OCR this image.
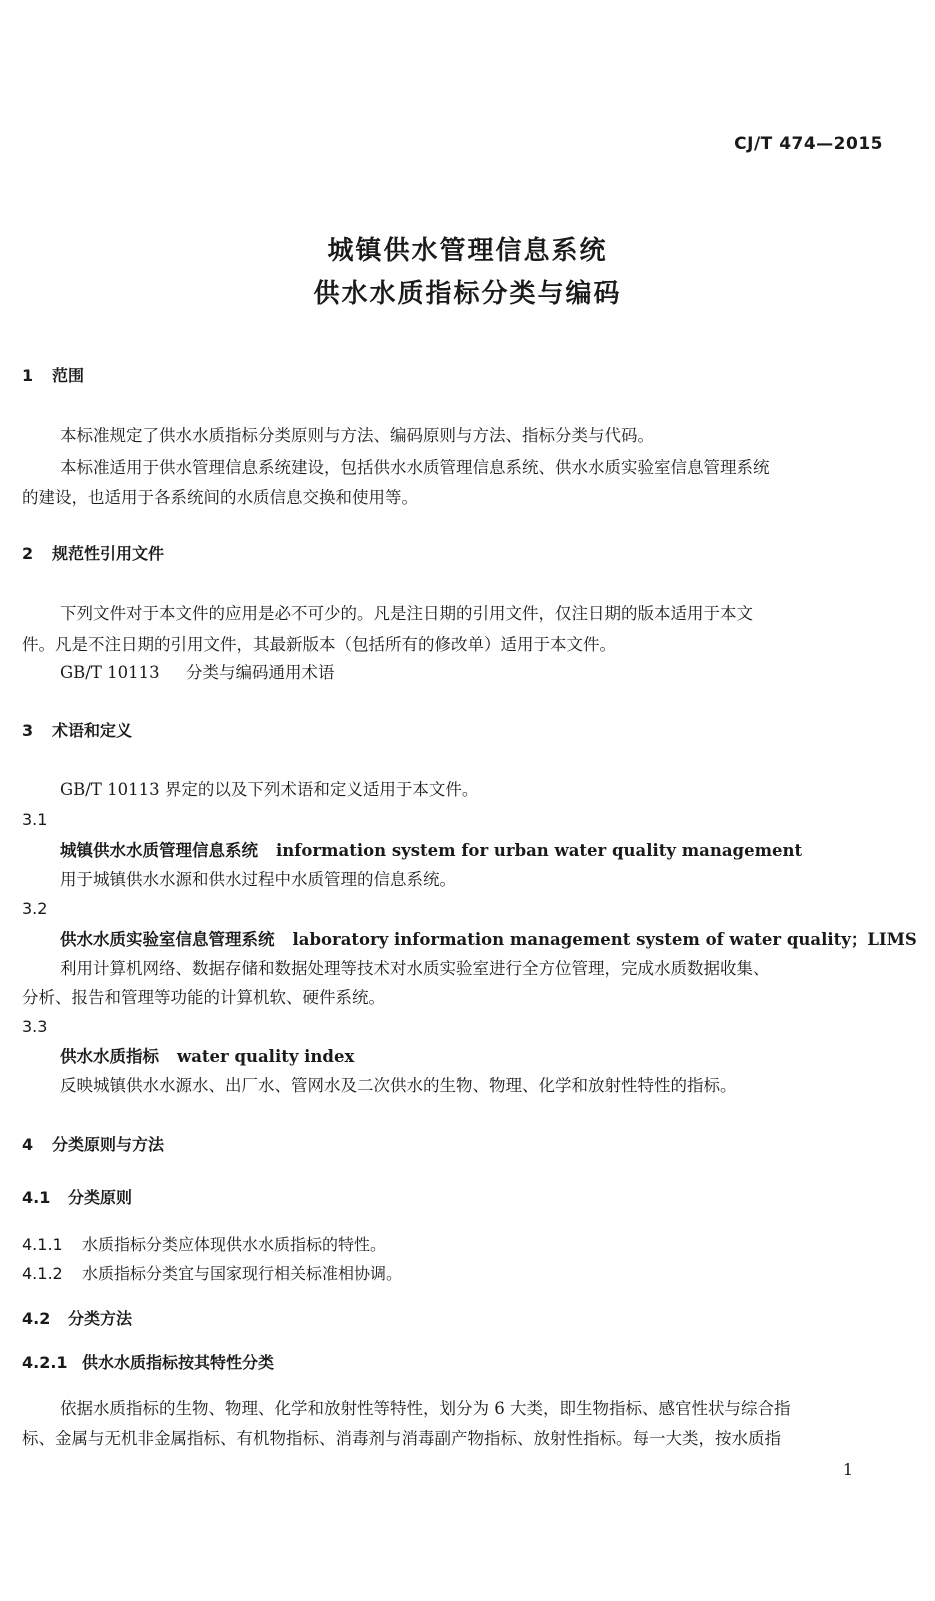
CJ/T 474—2015
城镇供水管理信息系统
供水水质指标分类与编码
1 范围
本标准规定了供水水质指标分类原则与方法、编码原则与方法、指标分类与代码。
本标准适用于供水管理信息系统建设，包括供水水质管理信息系统、供水水质实验室信息管理系统
的建设，也适用于各系统间的水质信息交换和使用等。
2 规范性引用文件
下列文件对于本文件的应用是必不可少的。凡是注日期的引用文件，仅注日期的版本适用于本文
件。凡是不注日期的引用文件，其最新版本（包括所有的修改单）适用于本文件。
GB/T 10113 分类与编码通用术语
3 术语和定义
GB/T 10113 界定的以及下列术语和定义适用于本文件。
3.1
城镇供水水质管理信息系统 information system for urban water quality management
用于城镇供水水源和供水过程中水质管理的信息系统。
3.2
供水水质实验室信息管理系统 laboratory information management system of water quality；LIMS
利用计算机网络、数据存储和数据处理等技术对水质实验室进行全方位管理，完成水质数据收集、
分析、报告和管理等功能的计算机软、硬件系统。
3.3
供水水质指标 water quality index
反映城镇供水水源水、出厂水、管网水及二次供水的生物、物理、化学和放射性特性的指标。
4 分类原则与方法
4.1 分类原则
4.1.1 水质指标分类应体现供水水质指标的特性。
4.1.2 水质指标分类宜与国家现行相关标准相协调。
4.2 分类方法
4.2.1 供水水质指标按其特性分类
依据水质指标的生物、物理、化学和放射性等特性，划分为 6 大类，即生物指标、感官性状与综合指
标、金属与无机非金属指标、有机物指标、消毒剂与消毒副产物指标、放射性指标。每一大类，按水质指
1
